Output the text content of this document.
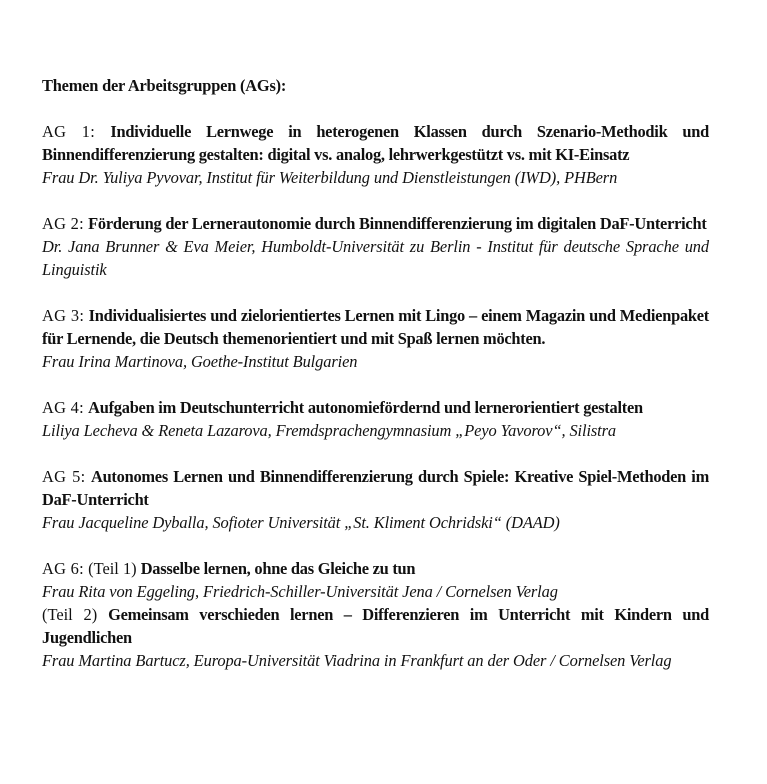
Themen der Arbeitsgruppen (AGs):

AG 1: Individuelle Lernwege in heterogenen Klassen durch Szenario-Methodik und Binnendifferenzierung gestalten: digital vs. analog, lehrwerkgestützt vs. mit KI-Einsatz

Frau Dr. Yuliya Pyvovar, Institut für Weiterbildung und Dienstleistungen (IWD), PHBern

AG 2: Förderung der Lernerautonomie durch Binnendifferenzierung im digitalen DaF-Unterricht

Dr. Jana Brunner & Eva Meier, Humboldt-Universität zu Berlin - Institut für deutsche Sprache und Linguistik

AG 3: Individualisiertes und zielorientiertes Lernen mit Lingo – einem Magazin und Medienpaket für Lernende, die Deutsch themenorientiert und mit Spaß lernen möchten.

Frau Irina Martinova, Goethe-Institut Bulgarien

AG 4: Aufgaben im Deutschunterricht autonomiefördernd und lernerorientiert gestalten

Liliya Lecheva & Reneta Lazarova, Fremdsprachengymnasium „Peyo Yavorov“, Silistra

AG 5: Autonomes Lernen und Binnendifferenzierung durch Spiele: Kreative Spiel-Methoden im DaF-Unterricht

Frau Jacqueline Dyballa, Sofioter Universität „St. Kliment Ochridski“ (DAAD)

AG 6: (Teil 1) Dasselbe lernen, ohne das Gleiche zu tun

Frau Rita von Eggeling, Friedrich-Schiller-Universität Jena / Cornelsen Verlag

(Teil 2) Gemeinsam verschieden lernen – Differenzieren im Unterricht mit Kindern und Jugendlichen

Frau Martina Bartucz, Europa-Universität Viadrina in Frankfurt an der Oder / Cornelsen Verlag
